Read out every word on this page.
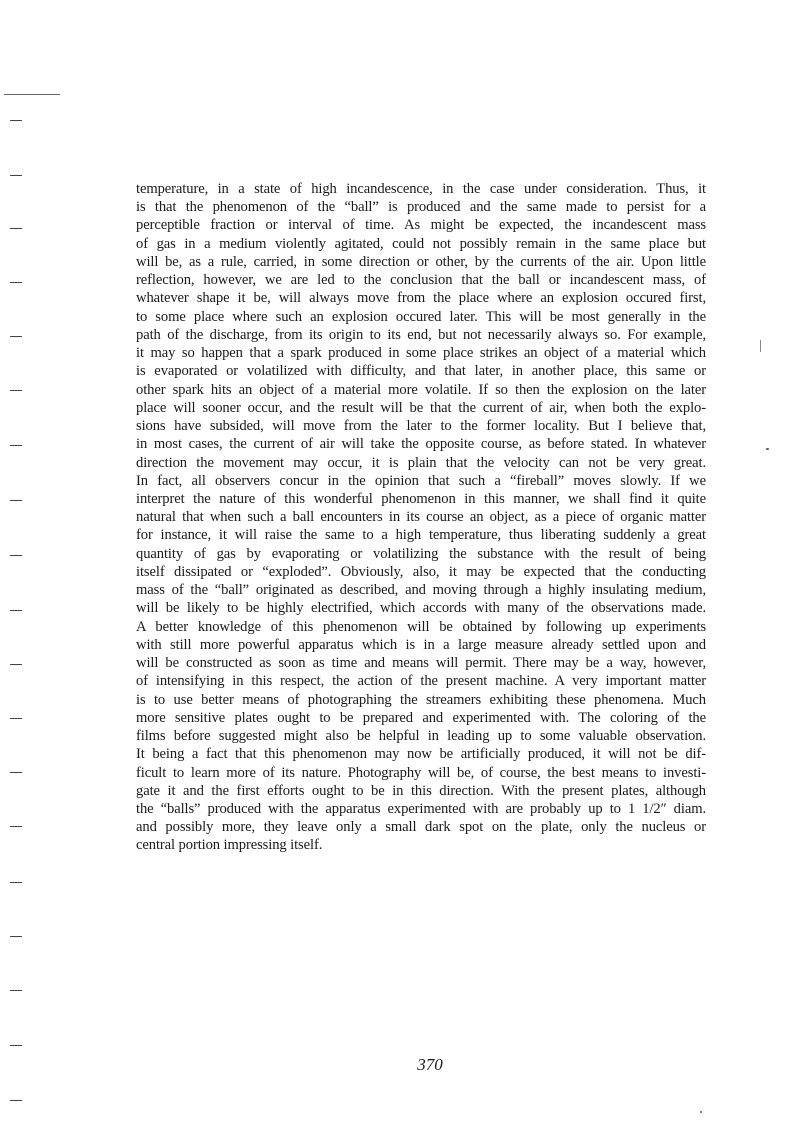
temperature, in a state of high incandescence, in the case under consideration. Thus, it
is that the phenomenon of the “ball” is produced and the same made to persist for a
perceptible fraction or interval of time. As might be expected, the incandescent mass
of gas in a medium violently agitated, could not possibly remain in the same place but
will be, as a rule, carried, in some direction or other, by the currents of the air. Upon little
reflection, however, we are led to the conclusion that the ball or incandescent mass, of
whatever shape it be, will always move from the place where an explosion occured first,
to some place where such an explosion occured later. This will be most generally in the
path of the discharge, from its origin to its end, but not necessarily always so. For example,
it may so happen that a spark produced in some place strikes an object of a material which
is evaporated or volatilized with difficulty, and that later, in another place, this same or
other spark hits an object of a material more volatile. If so then the explosion on the later
place will sooner occur, and the result will be that the current of air, when both the explo-
sions have subsided, will move from the later to the former locality. But I believe that,
in most cases, the current of air will take the opposite course, as before stated. In whatever
direction the movement may occur, it is plain that the velocity can not be very great.
In fact, all observers concur in the opinion that such a “fireball” moves slowly. If we
interpret the nature of this wonderful phenomenon in this manner, we shall find it quite
natural that when such a ball encounters in its course an object, as a piece of organic matter
for instance, it will raise the same to a high temperature, thus liberating suddenly a great
quantity of gas by evaporating or volatilizing the substance with the result of being
itself dissipated or “exploded”. Obviously, also, it may be expected that the conducting
mass of the “ball” originated as described, and moving through a highly insulating medium,
will be likely to be highly electrified, which accords with many of the observations made.
A better knowledge of this phenomenon will be obtained by following up experiments
with still more powerful apparatus which is in a large measure already settled upon and
will be constructed as soon as time and means will permit. There may be a way, however,
of intensifying in this respect, the action of the present machine. A very important matter
is to use better means of photographing the streamers exhibiting these phenomena. Much
more sensitive plates ought to be prepared and experimented with. The coloring of the
films before suggested might also be helpful in leading up to some valuable observation.
It being a fact that this phenomenon may now be artificially produced, it will not be dif-
ficult to learn more of its nature. Photography will be, of course, the best means to investi-
gate it and the first efforts ought to be in this direction. With the present plates, although
the “balls” produced with the apparatus experimented with are probably up to 1 1/2″ diam.
and possibly more, they leave only a small dark spot on the plate, only the nucleus or
central portion impressing itself.
370
